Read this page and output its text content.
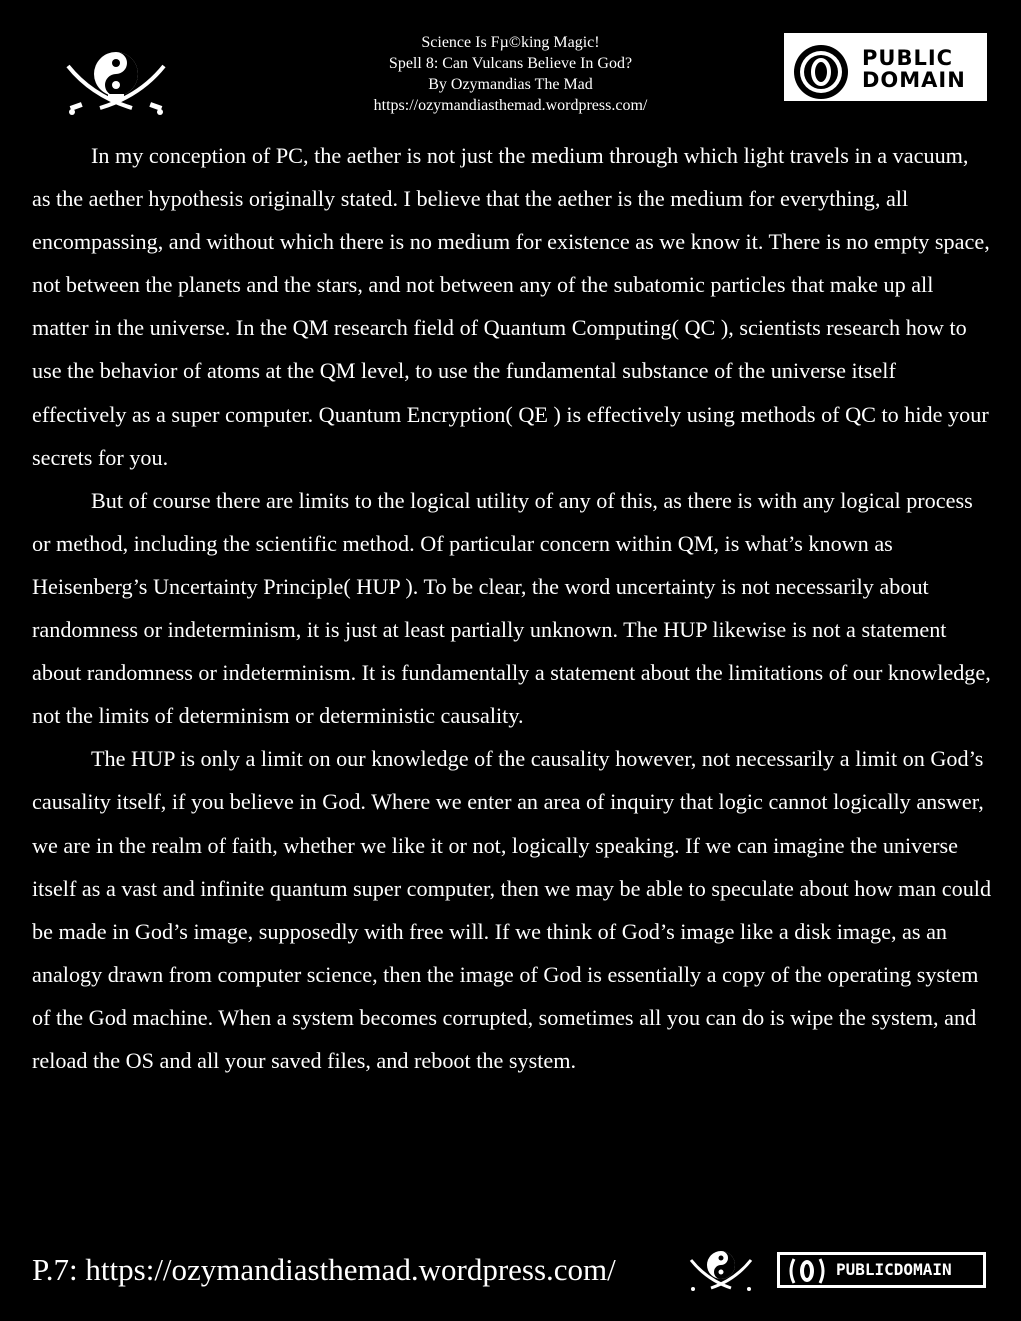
Science Is Fµ©king Magic!
Spell 8: Can Vulcans Believe In God?
By Ozymandias The Mad
https://ozymandiasthemad.wordpress.com/
PUBLIC
DOMAIN

In my conception of PC, the aether is not just the medium through which light travels in a vacuum, as the aether hypothesis originally stated. I believe that the aether is the medium for everything, all encompassing, and without which there is no medium for existence as we know it. There is no empty space, not between the planets and the stars, and not between any of the subatomic particles that make up all matter in the universe. In the QM research field of Quantum Computing( QC ), scientists research how to use the behavior of atoms at the QM level, to use the fundamental substance of the universe itself effectively as a super computer. Quantum Encryption( QE ) is effectively using methods of QC to hide your secrets for you.

But of course there are limits to the logical utility of any of this, as there is with any logical process or method, including the scientific method. Of particular concern within QM, is what’s known as Heisenberg’s Uncertainty Principle( HUP ). To be clear, the word uncertainty is not necessarily about randomness or indeterminism, it is just at least partially unknown. The HUP likewise is not a statement about randomness or indeterminism. It is fundamentally a statement about the limitations of our knowledge, not the limits of determinism or deterministic causality.

The HUP is only a limit on our knowledge of the causality however, not necessarily a limit on God’s causality itself, if you believe in God. Where we enter an area of inquiry that logic cannot logically answer, we are in the realm of faith, whether we like it or not, logically speaking. If we can imagine the universe itself as a vast and infinite quantum super computer, then we may be able to speculate about how man could be made in God’s image, supposedly with free will. If we think of God’s image like a disk image, as an analogy drawn from computer science, then the image of God is essentially a copy of the operating system of the God machine. When a system becomes corrupted, sometimes all you can do is wipe the system, and reload the OS and all your saved files, and reboot the system.

P.7: https://ozymandiasthemad.wordpress.com/	PUBLICDOMAIN
